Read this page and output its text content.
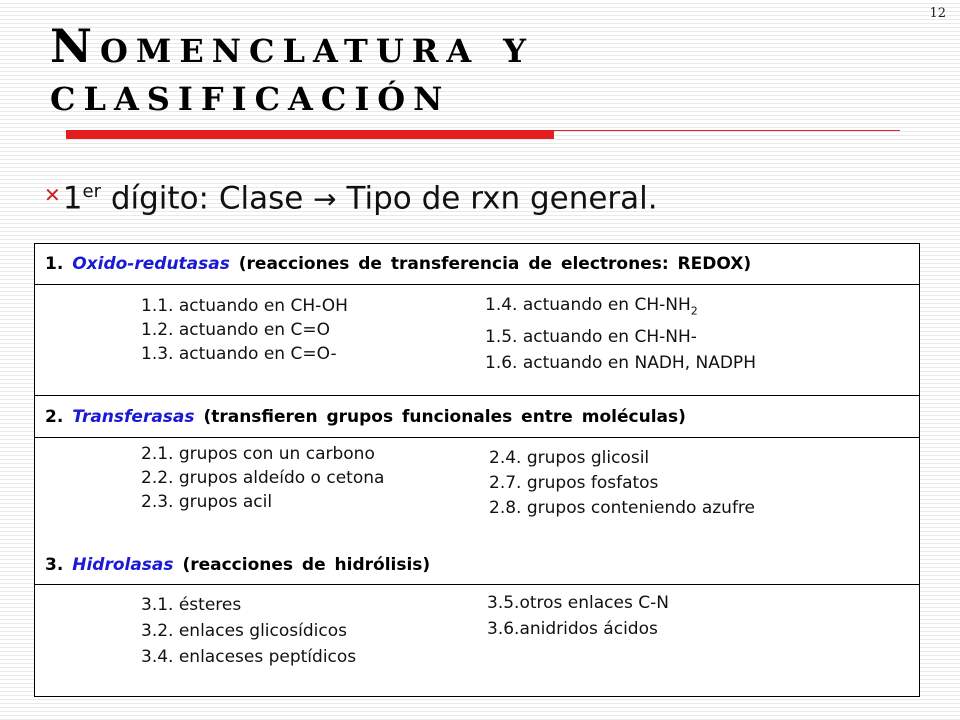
12
Nomenclatura y
clasificación
✕1er dígito: Clase → Tipo de rxn general.
1. Oxido-redutasas (reacciones de transferencia de electrones: REDOX)
1.1. actuando en CH-OH
1.2. actuando en C=O
1.3. actuando en C=O-
1.4. actuando en $CH-NH_2$
1.5. actuando en CH-NH-
1.6. actuando en NADH, NADPH
2. Transferasas (transfieren grupos funcionales entre moléculas)
2.1. grupos con un carbono
2.2. grupos aldeído o cetona
2.3. grupos acil
2.4. grupos glicosil
2.7. grupos fosfatos
2.8. grupos conteniendo azufre
3. Hidrolasas (reacciones de hidrólisis)
3.1. ésteres
3.2. enlaces glicosídicos
3.4. enlaceses peptídicos
3.5.otros enlaces C-N
3.6.anidridos ácidos
